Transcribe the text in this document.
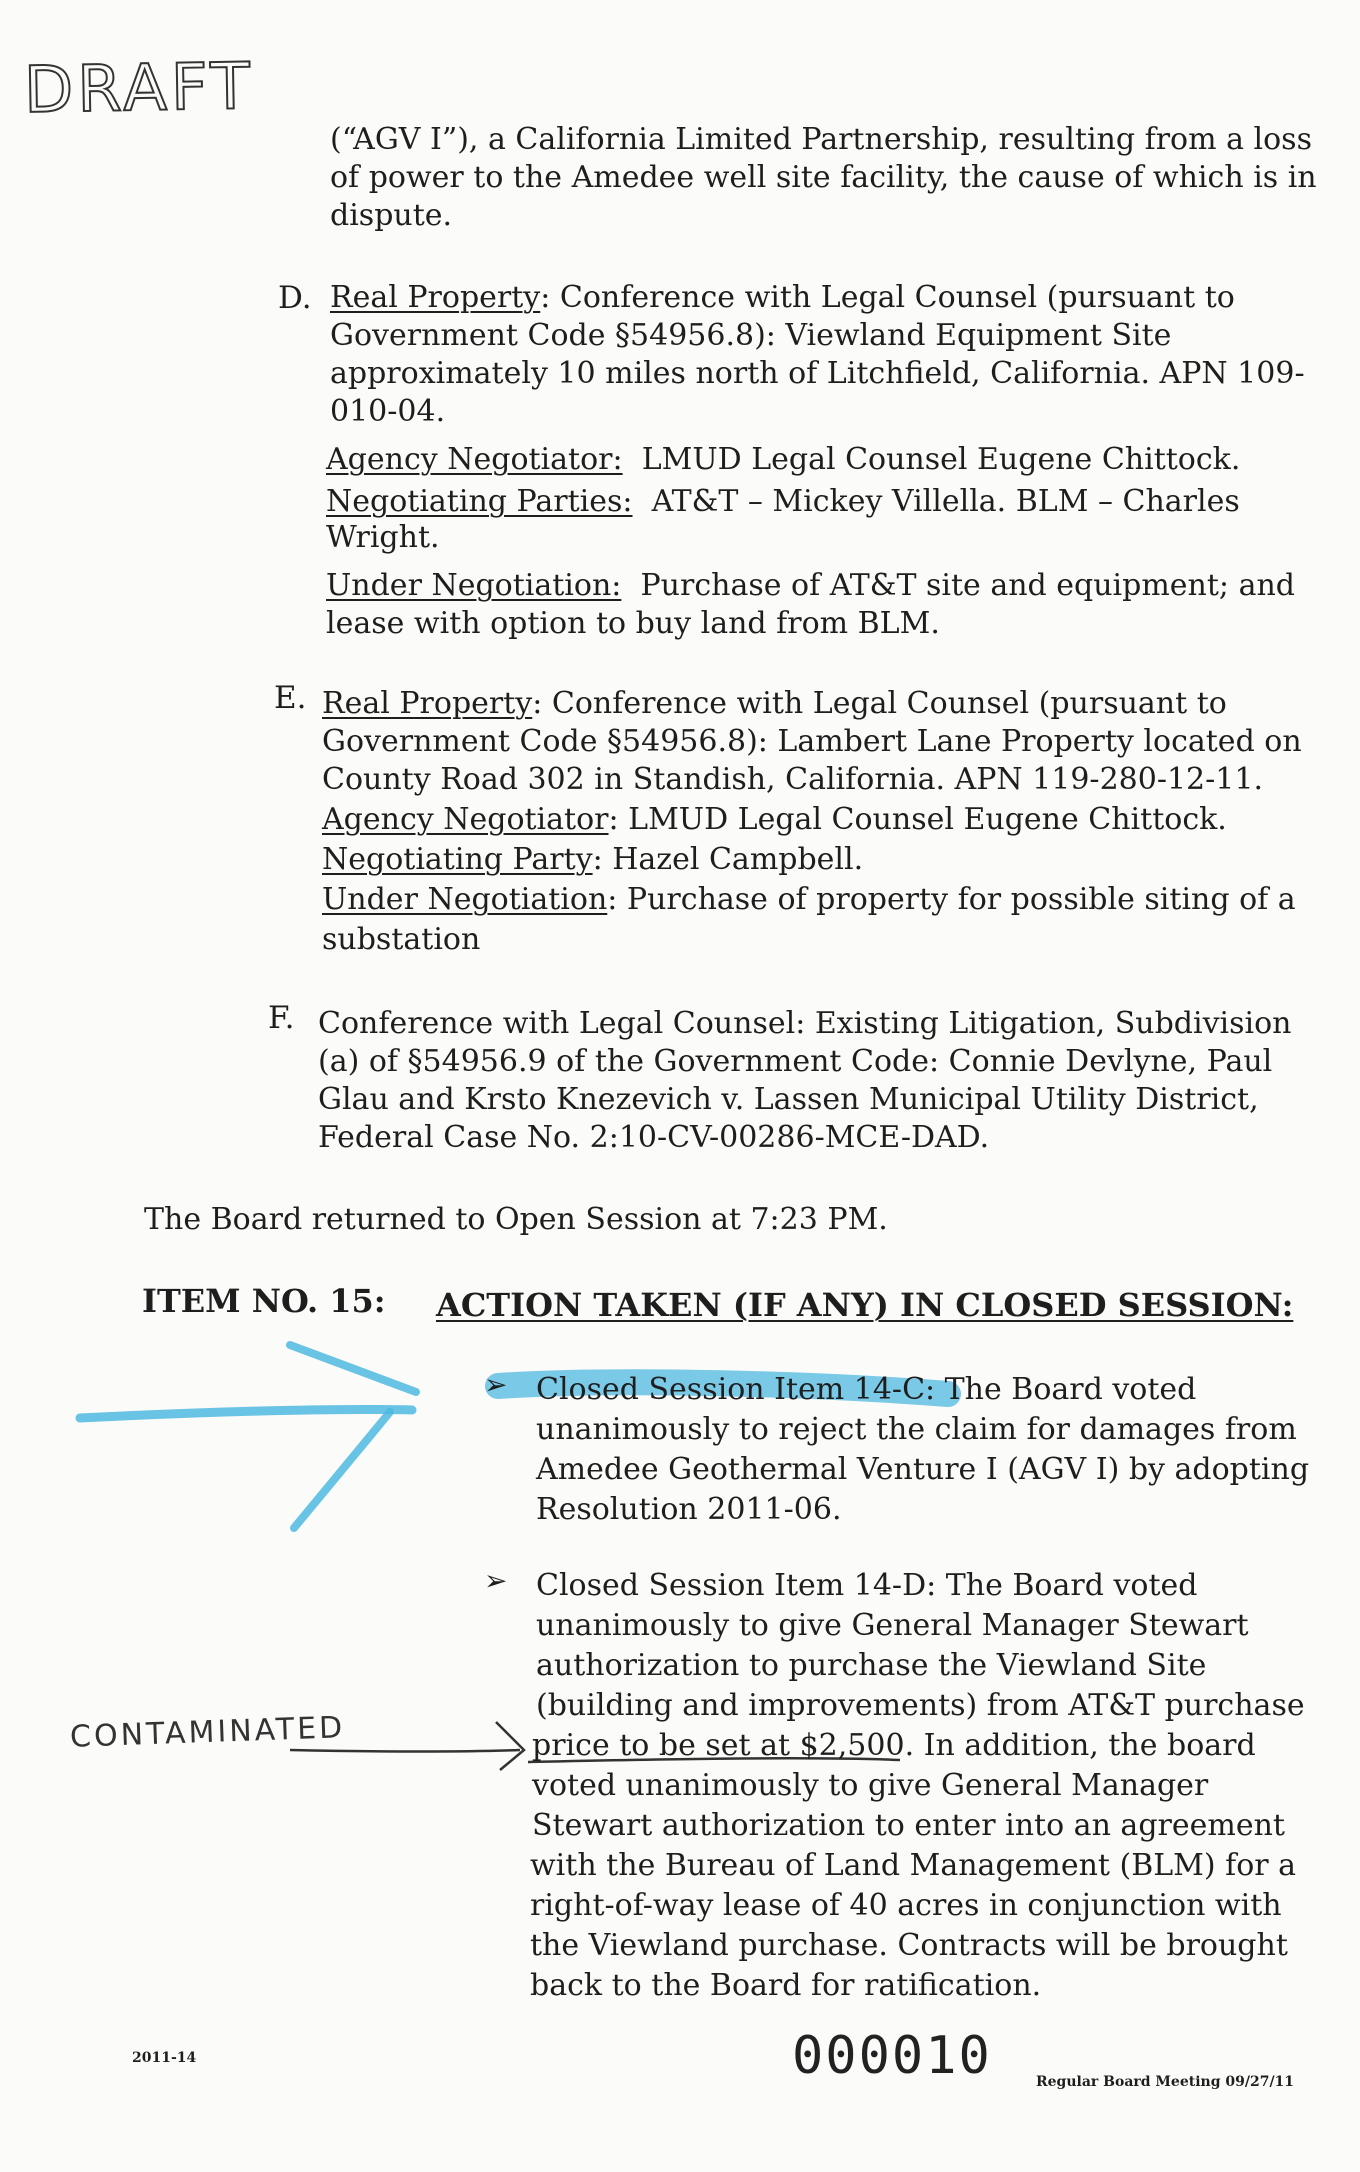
DRAFT
(“AGV I”), a California Limited Partnership, resulting from a loss
of power to the Amedee well site facility, the cause of which is in
dispute.
D. Real Property: Conference with Legal Counsel (pursuant to
Government Code §54956.8): Viewland Equipment Site
approximately 10 miles north of Litchfield, California. APN 109-
010-04.
Agency Negotiator: LMUD Legal Counsel Eugene Chittock.
Negotiating Parties: AT&T – Mickey Villella. BLM – Charles
Wright.
Under Negotiation: Purchase of AT&T site and equipment; and
lease with option to buy land from BLM.
E. Real Property: Conference with Legal Counsel (pursuant to
Government Code §54956.8): Lambert Lane Property located on
County Road 302 in Standish, California. APN 119-280-12-11.
Agency Negotiator: LMUD Legal Counsel Eugene Chittock.
Negotiating Party: Hazel Campbell.
Under Negotiation: Purchase of property for possible siting of a
substation
F. Conference with Legal Counsel: Existing Litigation, Subdivision
(a) of §54956.9 of the Government Code: Connie Devlyne, Paul
Glau and Krsto Knezevich v. Lassen Municipal Utility District,
Federal Case No. 2:10-CV-00286-MCE-DAD.
The Board returned to Open Session at 7:23 PM.
ITEM NO. 15: ACTION TAKEN (IF ANY) IN CLOSED SESSION:
➢ Closed Session Item 14-C: The Board voted
unanimously to reject the claim for damages from
Amedee Geothermal Venture I (AGV I) by adopting
Resolution 2011-06.
➢ Closed Session Item 14-D: The Board voted
unanimously to give General Manager Stewart
authorization to purchase the Viewland Site
(building and improvements) from AT&T purchase
price to be set at $2,500. In addition, the board
voted unanimously to give General Manager
Stewart authorization to enter into an agreement
with the Bureau of Land Management (BLM) for a
right-of-way lease of 40 acres in conjunction with
the Viewland purchase. Contracts will be brought
back to the Board for ratification.
CONTAMINATED
2011-14	000010	Regular Board Meeting 09/27/11
